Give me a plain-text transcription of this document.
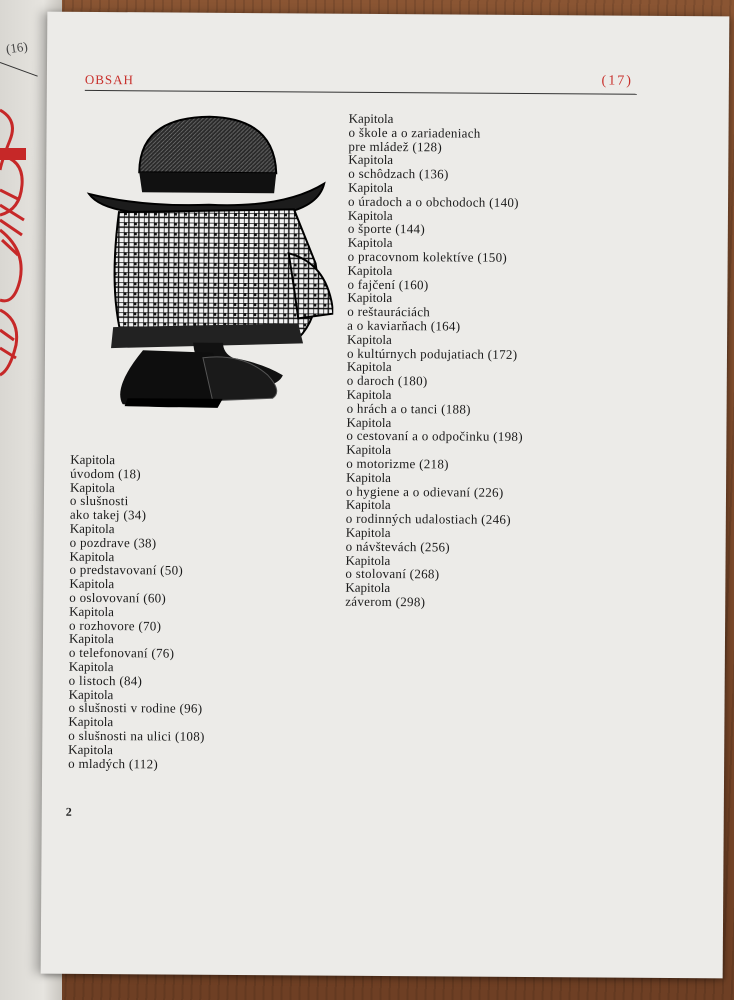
(16)
OBSAH	(17)
Kapitola
úvodom (18)
Kapitola
o slušnosti
ako takej (34)
Kapitola
o pozdrave (38)
Kapitola
o predstavovaní (50)
Kapitola
o oslovovaní (60)
Kapitola
o rozhovore (70)
Kapitola
o telefonovaní (76)
Kapitola
o listoch (84)
Kapitola
o slušnosti v rodine (96)
Kapitola
o slušnosti na ulici (108)
Kapitola
o mladých (112)
Kapitola
o škole a o zariadeniach
pre mládež (128)
Kapitola
o schôdzach (136)
Kapitola
o úradoch a o obchodoch (140)
Kapitola
o športe (144)
Kapitola
o pracovnom kolektíve (150)
Kapitola
o fajčení (160)
Kapitola
o reštauráciách
a o kaviarňach (164)
Kapitola
o kultúrnych podujatiach (172)
Kapitola
o daroch (180)
Kapitola
o hrách a o tanci (188)
Kapitola
o cestovaní a o odpočinku (198)
Kapitola
o motorizme (218)
Kapitola
o hygiene a o odievaní (226)
Kapitola
o rodinných udalostiach (246)
Kapitola
o návštevách (256)
Kapitola
o stolovaní (268)
Kapitola
záverom (298)
2
